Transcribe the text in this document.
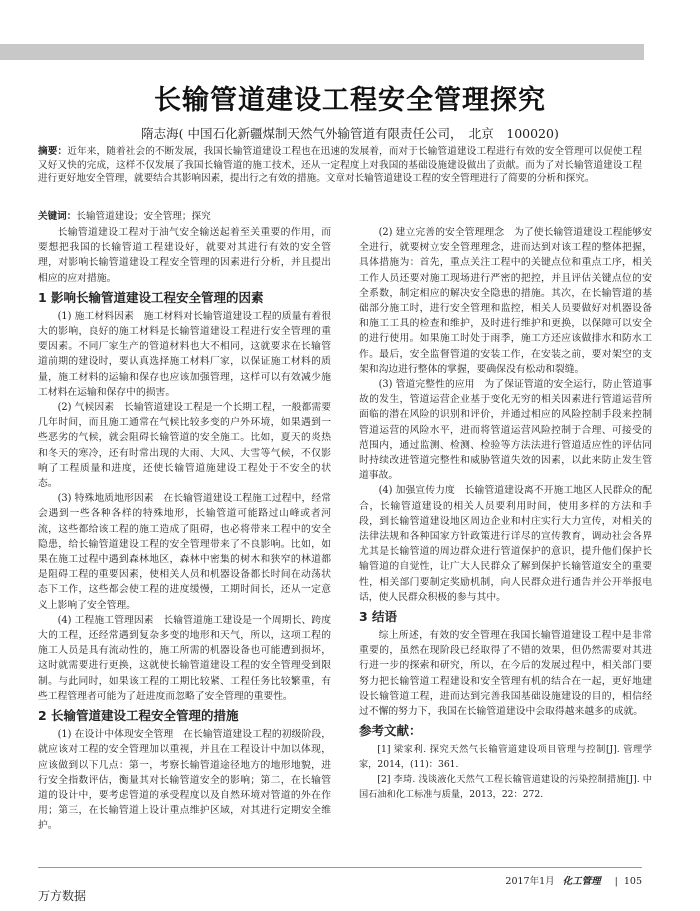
长输管道建设工程安全管理探究
隋志海( 中国石化新疆煤制天然气外输管道有限责任公司，　北京　100020)
摘要：近年来，随着社会的不断发展，我国长输管道建设工程也在迅速的发展着，而对于长输管道建设工程进行有效的安全管理可以促使工程又好又快的完成，这样不仅发展了我国长输管道的施工技术，还从一定程度上对我国的基础设施建设做出了贡献。而为了对长输管道建设工程进行更好地安全管理，就要结合其影响因素，提出行之有效的措施。文章对长输管道建设工程的安全管理进行了简要的分析和探究。
关键词：长输管道建设；安全管理；探究

长输管道建设工程对于油气安全输送起着至关重要的作用，而要想把我国的长输管道工程建设好，就要对其进行有效的安全管理，对影响长输管道建设工程安全管理的因素进行分析，并且提出相应的应对措施。

1 影响长输管道建设工程安全管理的因素

(1) 施工材料因素　施工材料对长输管道建设工程的质量有着很大的影响，良好的施工材料是长输管道建设工程进行安全管理的重要因素。不同厂家生产的管道材料也大不相同，这就要求在长输管道前期的建设时，要认真选择施工材料厂家，以保证施工材料的质量，施工材料的运输和保存也应该加强管理，这样可以有效减少施工材料在运输和保存中的损害。

(2) 气候因素　长输管道建设工程是一个长期工程，一般都需要几年时间，而且施工通常在气候比较多变的户外环境，如果遇到一些恶劣的气候，就会阻碍长输管道的安全施工。比如，夏天的炎热和冬天的寒冷，还有时常出现的大雨、大风、大雪等气候，不仅影响了工程质量和进度，还使长输管道施建设工程处于不安全的状态。

(3) 特殊地质地形因素　在长输管道建设工程施工过程中，经常会遇到一些各种各样的特殊地形，长输管道可能路过山峰或者河流，这些都给该工程的施工造成了阻碍，也必将带来工程中的安全隐患，给长输管道建设工程的安全管理带来了不良影响。比如，如果在施工过程中遇到森林地区，森林中密集的树木和狭窄的林道都是阻碍工程的重要因素，使相关人员和机器设备都长时间在动荡状态下工作，这些都会使工程的进度缓慢，工期时间长，还从一定意义上影响了安全管理。

(4) 工程施工管理因素　长输管道施工建设是一个周期长、跨度大的工程，还经常遇到复杂多变的地形和天气，所以，这项工程的施工人员是具有流动性的，施工所需的机器设备也可能遭到损坏，这时就需要进行更换，这就使长输管道建设工程的安全管理受到限制。与此同时，如果该工程的工期比较紧、工程任务比较繁重，有些工程管理者可能为了赶进度而忽略了安全管理的重要性。

2 长输管道建设工程安全管理的措施

(1) 在设计中体现安全管理　在长输管道建设工程的初级阶段，就应该对工程的安全管理加以重视，并且在工程设计中加以体现，应该做到以下几点：第一，考察长输管道途径地方的地形地貌，进行安全指数评估，衡量其对长输管道安全的影响；第二，在长输管道的设计中，要考虑管道的承受程度以及自然环境对管道的外在作用；第三，在长输管道上设计重点维护区域，对其进行定期安全维护。

(2) 建立完善的安全管理理念　为了使长输管道建设工程能够安全进行，就要树立安全管理理念，进而达到对该工程的整体把握，具体措施为：首先，重点关注工程中的关键点位和重点工序，相关工作人员还要对施工现场进行严密的把控，并且评估关键点位的安全系数，制定相应的解决安全隐患的措施。其次，在长输管道的基础部分施工时，进行安全管理和监控，相关人员要做好对机器设备和施工工具的检查和维护，及时进行维护和更换，以保障可以安全的进行使用。如果施工时处于雨季，施工方还应该做排水和防水工作。最后，安全监督管道的安装工作，在安装之前，要对架空的支架和沟边进行整体的掌握，要确保没有松动和裂缝。

(3) 管道完整性的应用　为了保证管道的安全运行，防止管道事故的发生，管道运营企业基于变化无穷的相关因素进行管道运营所面临的潜在风险的识别和评价，并通过相应的风险控制手段来控制管道运营的风险水平，进而将管道运营风险控制于合理、可接受的范围内，通过监测、检测、检验等方法法进行管道适应性的评估同时持续改进管道完整性和威胁管道失效的因素，以此来防止发生管道事故。

(4) 加强宣传力度　长输管道建设离不开施工地区人民群众的配合，长输管道建设的相关人员要利用时间，使用多样的方法和手段，到长输管道建设地区周边企业和村庄实行大力宣传，对相关的法律法规和各种国家方针政策进行详尽的宣传教育，调动社会各界尤其是长输管道的周边群众进行管道保护的意识，提升他们保护长输管道的自觉性，让广大人民群众了解到保护长输管道安全的重要性，相关部门要制定奖励机制，向人民群众进行通告并公开举报电话，使人民群众积极的参与其中。

3 结语

综上所述，有效的安全管理在我国长输管道建设工程中是非常重要的，虽然在现阶段已经取得了不错的效果，但仍然需要对其进行进一步的探索和研究，所以，在今后的发展过程中，相关部门要努力把长输管道工程建设和安全管理有机的结合在一起，更好地建设长输管道工程，进而达到完善我国基础设施建设的目的，相信经过不懈的努力下，我国在长输管道建设中会取得越来越多的成就。

参考文献：

[1] 梁家利. 探究天然气长输管道建设项目管理与控制[J]. 管理学家，2014，(11)：361.

[2] 李琦. 浅谈液化天然气工程长输管道建设的污染控制措施[J]. 中国石油和化工标准与质量，2013，22：272.

2017年1月 化工管理 | 105
万方数据
